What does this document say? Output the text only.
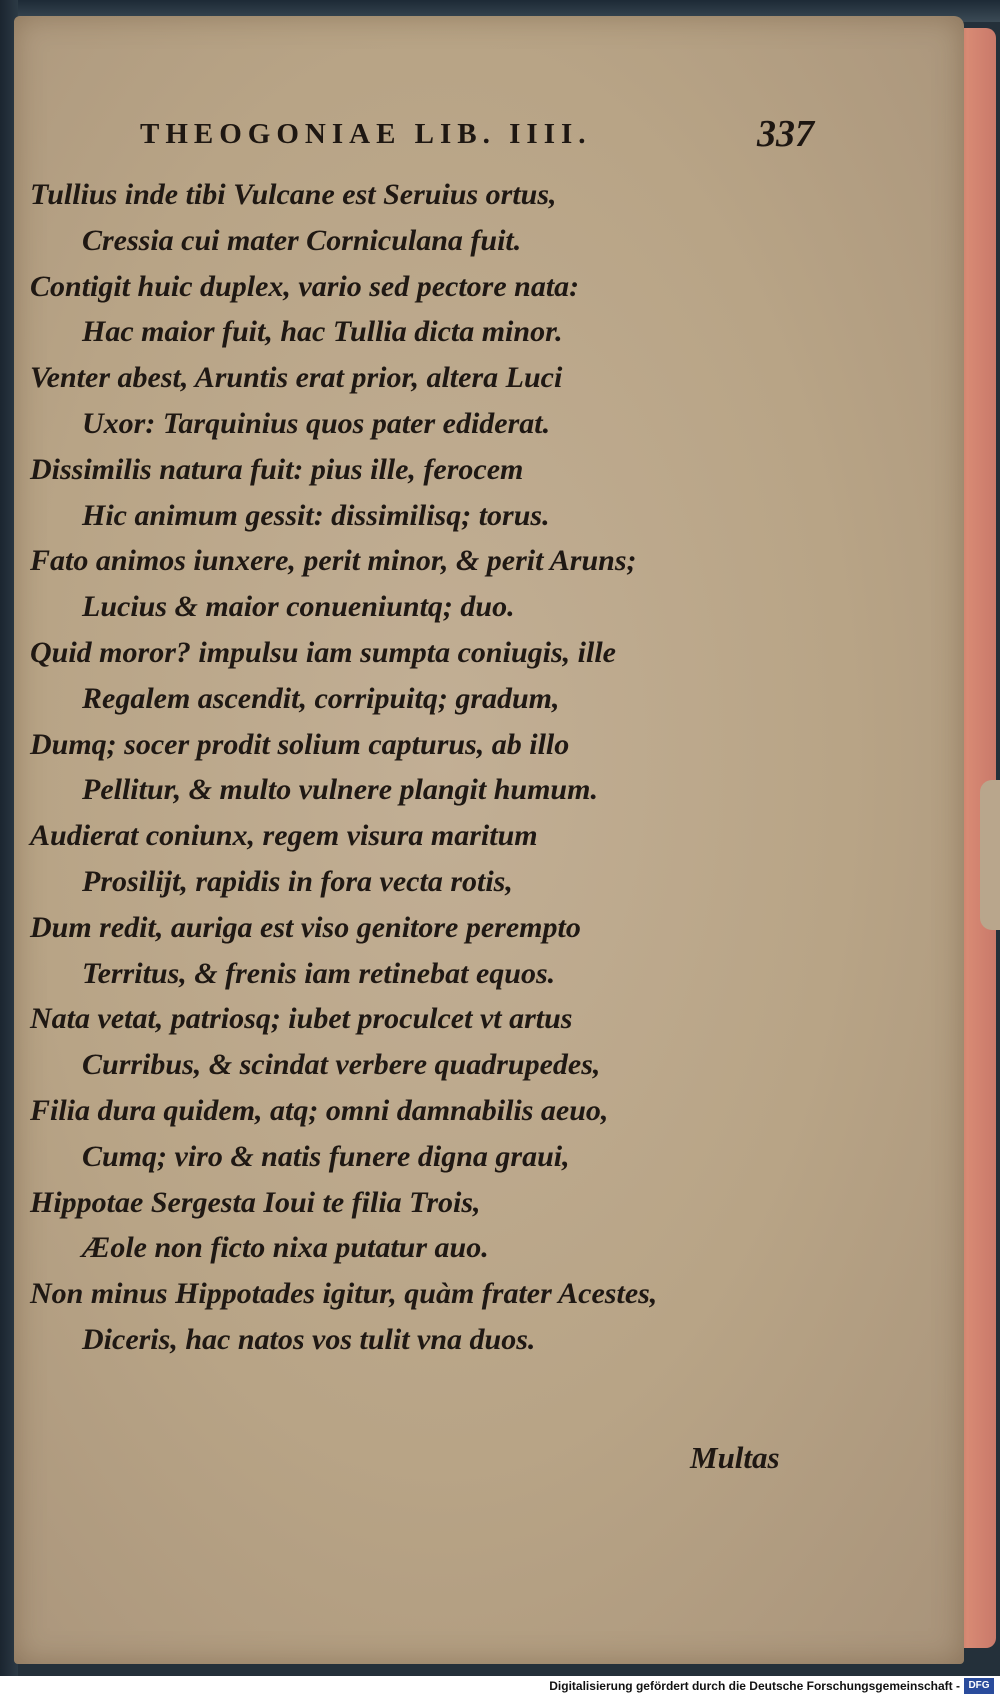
THEOGONIAE LIB. IIII.	337
Tullius inde tibi Vulcane est Seruius ortus,
Cressia cui mater Corniculana fuit.
Contigit huic duplex, vario sed pectore nata:
Hac maior fuit, hac Tullia dicta minor.
Venter abest, Aruntis erat prior, altera Luci
Uxor: Tarquinius quos pater ediderat.
Dissimilis natura fuit: pius ille, ferocem
Hic animum gessit: dissimilisq; torus.
Fato animos iunxere, perit minor, & perit Aruns;
Lucius & maior conueniuntq; duo.
Quid moror? impulsu iam sumpta coniugis, ille
Regalem ascendit, corripuitq; gradum,
Dumq; socer prodit solium capturus, ab illo
Pellitur, & multo vulnere plangit humum.
Audierat coniunx, regem visura maritum
Prosilijt, rapidis in fora vecta rotis,
Dum redit, auriga est viso genitore perempto
Territus, & frenis iam retinebat equos.
Nata vetat, patriosq; iubet proculcet vt artus
Curribus, & scindat verbere quadrupedes,
Filia dura quidem, atq; omni damnabilis aeuo,
Cumq; viro & natis funere digna graui,
Hippotae Sergesta Ioui te filia Trois,
Æole non ficto nixa putatur auo.
Non minus Hippotades igitur, quàm frater Acestes,
Diceris, hac natos vos tulit vna duos.
Multas
Digitalisierung gefördert durch die Deutsche Forschungsgemeinschaft - DFG
